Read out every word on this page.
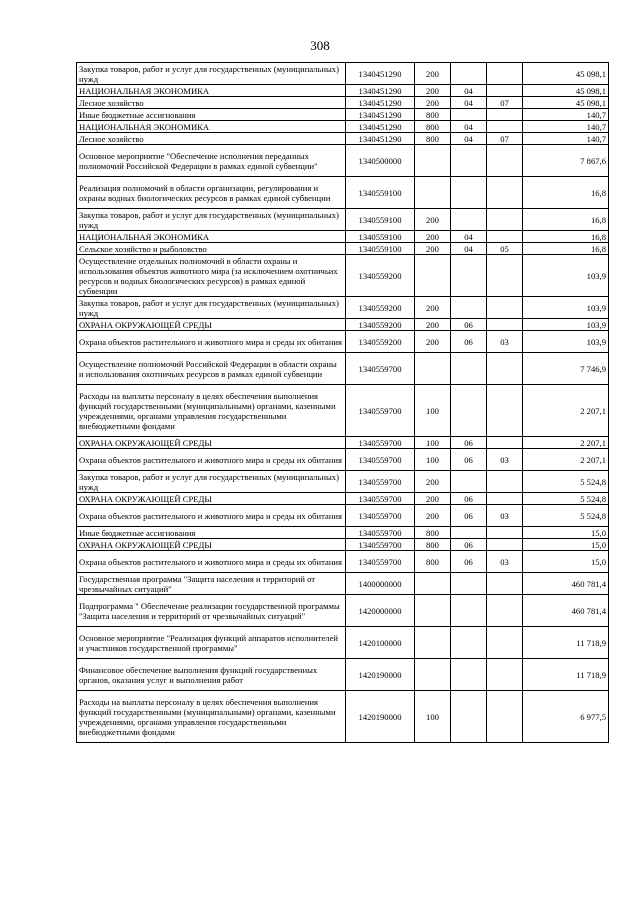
308
Закупка товаров, работ и услуг для государственных (муниципальных) нужд	1340451290	200			45 098,1
НАЦИОНАЛЬНАЯ ЭКОНОМИКА	1340451290	200	04		45 098,1
Лесное хозяйство	1340451290	200	04	07	45 098,1
Иные бюджетные ассигнования	1340451290	800			140,7
НАЦИОНАЛЬНАЯ ЭКОНОМИКА	1340451290	800	04		140,7
Лесное хозяйство	1340451290	800	04	07	140,7
Основное мероприятие "Обеспечение исполнения переданных полномочий Российской Федерации в рамках единой субвенции"	1340500000				7 867,6
Реализация полномочий в области организации, регулирования и охраны водных биологических ресурсов в рамках единой субвенции	1340559100				16,8
Закупка товаров, работ и услуг для государственных (муниципальных) нужд	1340559100	200			16,8
НАЦИОНАЛЬНАЯ ЭКОНОМИКА	1340559100	200	04		16,8
Сельское хозяйство и рыболовство	1340559100	200	04	05	16,8
Осуществление отдельных полномочий в области охраны и использования объектов животного мира (за исключением охотничьих ресурсов и водных биологических ресурсов) в рамках единой субвенции	1340559200				103,9
Закупка товаров, работ и услуг для государственных (муниципальных) нужд	1340559200	200			103,9
ОХРАНА ОКРУЖАЮЩЕЙ СРЕДЫ	1340559200	200	06		103,9
Охрана объектов растительного и животного мира и среды их обитания	1340559200	200	06	03	103,9
Осуществление полномочий Российской Федерации в области охраны и использования охотничьих ресурсов в рамках единой субвенции	1340559700				7 746,9
Расходы на выплаты персоналу в целях обеспечения выполнения функций государственными (муниципальными) органами, казенными учреждениями, органами управления государственными внебюджетными фондами	1340559700	100			2 207,1
ОХРАНА ОКРУЖАЮЩЕЙ СРЕДЫ	1340559700	100	06		2 207,1
Охрана объектов растительного и животного мира и среды их обитания	1340559700	100	06	03	2 207,1
Закупка товаров, работ и услуг для государственных (муниципальных) нужд	1340559700	200			5 524,8
ОХРАНА ОКРУЖАЮЩЕЙ СРЕДЫ	1340559700	200	06		5 524,8
Охрана объектов растительного и животного мира и среды их обитания	1340559700	200	06	03	5 524,8
Иные бюджетные ассигнования	1340559700	800			15,0
ОХРАНА ОКРУЖАЮЩЕЙ СРЕДЫ	1340559700	800	06		15,0
Охрана объектов растительного и животного мира и среды их обитания	1340559700	800	06	03	15,0
Государственная программа "Защита населения и территорий от чрезвычайных ситуаций"	1400000000				460 781,4
Подпрограмма " Обеспечение реализации государственной программы "Защита населения и территорий от чрезвычайных ситуаций"	1420000000				460 781,4
Основное мероприятие "Реализация функций аппаратов исполнителей и участников государственной программы"	1420100000				11 718,9
Финансовое обеспечение выполнения функций государственных органов, оказания услуг и выполнения работ	1420190000				11 718,9
Расходы на выплаты персоналу в целях обеспечения выполнения функций государственными (муниципальными) органами, казенными учреждениями, органами управления государственными внебюджетными фондами	1420190000	100			6 977,5
